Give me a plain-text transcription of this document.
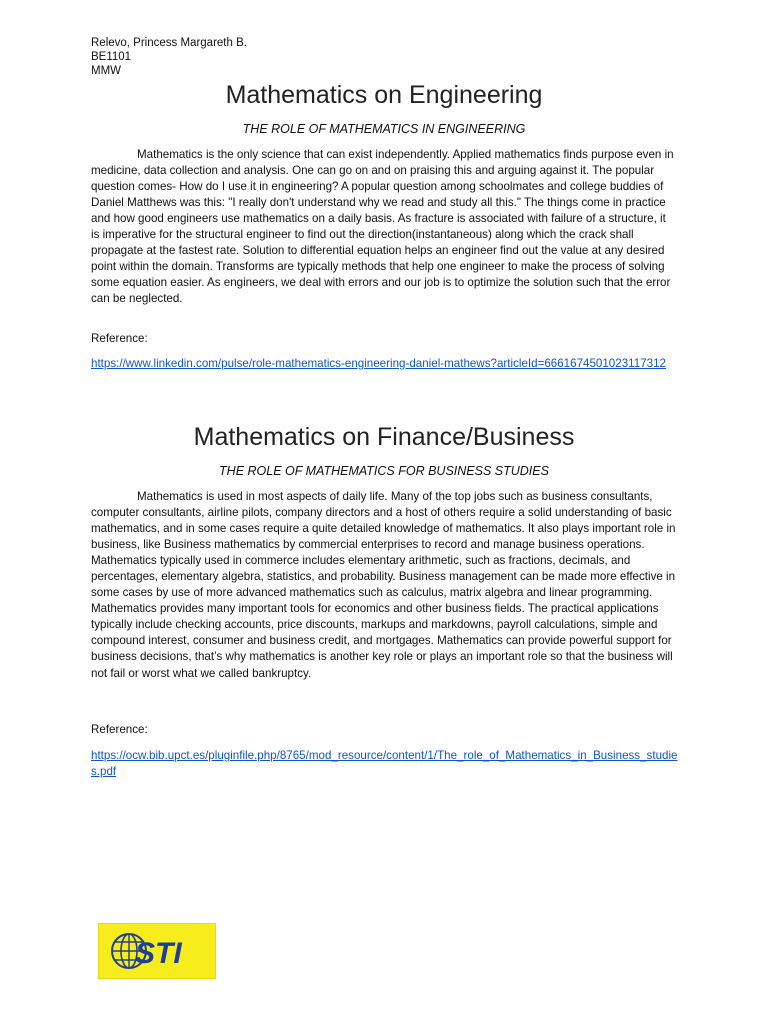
Relevo, Princess Margareth B.
BE1101
MMW
Mathematics on Engineering

THE ROLE OF MATHEMATICS IN ENGINEERING

Mathematics is the only science that can exist independently. Applied mathematics finds purpose even in medicine, data collection and analysis. One can go on and on praising this and arguing against it. The popular question comes- How do I use it in engineering? A popular question among schoolmates and college buddies of Daniel Matthews was this: "I really don't understand why we read and study all this." The things come in practice and how good engineers use mathematics on a daily basis. As fracture is associated with failure of a structure, it is imperative for the structural engineer to find out the direction(instantaneous) along which the crack shall propagate at the fastest rate. Solution to differential equation helps an engineer find out the value at any desired point within the domain. Transforms are typically methods that help one engineer to make the process of solving some equation easier. As engineers, we deal with errors and our job is to optimize the solution such that the error can be neglected.

Reference:
https://www.linkedin.com/pulse/role-mathematics-engineering-daniel-mathews?articleId=6661674501023117312
Mathematics on Finance/Business

THE ROLE OF MATHEMATICS FOR BUSINESS STUDIES

Mathematics is used in most aspects of daily life. Many of the top jobs such as business consultants, computer consultants, airline pilots, company directors and a host of others require a solid understanding of basic mathematics, and in some cases require a quite detailed knowledge of mathematics. It also plays important role in business, like Business mathematics by commercial enterprises to record and manage business operations. Mathematics typically used in commerce includes elementary arithmetic, such as fractions, decimals, and percentages, elementary algebra, statistics, and probability. Business management can be made more effective in some cases by use of more advanced mathematics such as calculus, matrix algebra and linear programming. Mathematics provides many important tools for economics and other business fields. The practical applications typically include checking accounts, price discounts, markups and markdowns, payroll calculations, simple and compound interest, consumer and business credit, and mortgages. Mathematics can provide powerful support for business decisions, that’s why mathematics is another key role or plays an important role so that the business will not fail or worst what we called bankruptcy.

Reference:
https://ocw.bib.upct.es/pluginfile.php/8765/mod_resource/content/1/The_role_of_Mathematics_in_Business_studies.pdf
STI
